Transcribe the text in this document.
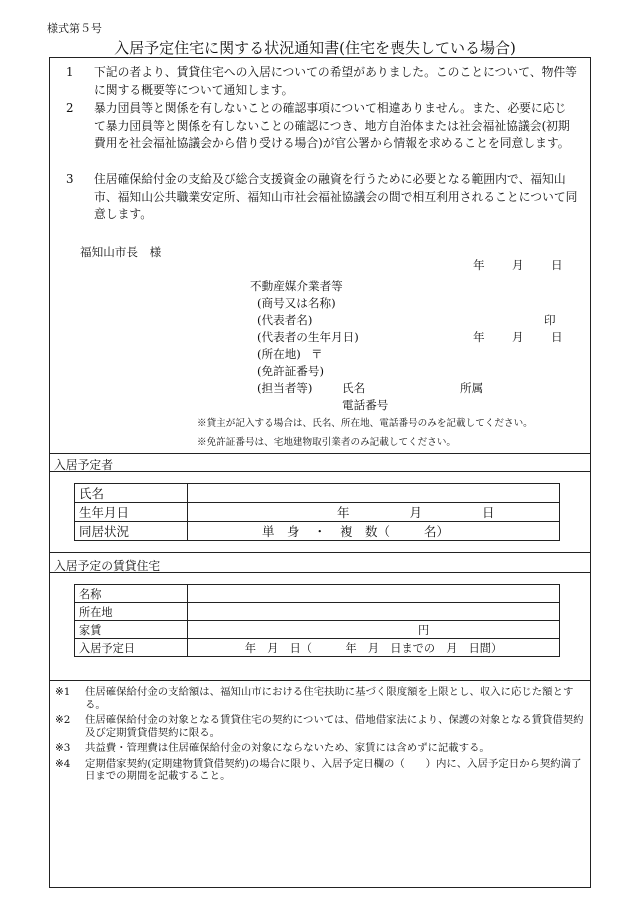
様式第５号
入居予定住宅に関する状況通知書(住宅を喪失している場合)
1	下記の者より、賃貸住宅への入居についての希望がありました。このことについて、物件等に関する概要等について通知します。
2	暴力団員等と関係を有しないことの確認事項について相違ありません。また、必要に応じて暴力団員等と関係を有しないことの確認につき、地方自治体または社会福祉協議会(初期費用を社会福祉協議会から借り受ける場合)が官公署から情報を求めることを同意します。
3	住居確保給付金の支給及び総合支援資金の融資を行うために必要となる範囲内で、福知山市、福知山公共職業安定所、福知山市社会福祉協議会の間で相互利用されることについて同意します。
福知山市長　様
年 月 日
不動産媒介業者等
(商号又は名称)
(代表者名)	印
(代表者の生年月日)	年 月 日
(所在地) 〒
(免許証番号)
(担当者等)	氏名	所属
電話番号
※貸主が記入する場合は、氏名、所在地、電話番号のみを記載してください。
※免許証番号は、宅地建物取引業者のみ記載してください。
入居予定者
氏名	
生年月日	年 月 日
同居状況	単　身 ・ 複　数（ 名）
入居予定の賃貸住宅
名称	
所在地	
家賃	円
入居予定日	年　月　日（　　　年　月　日までの　月　日間）
※1 住居確保給付金の支給額は、福知山市における住宅扶助に基づく限度額を上限とし、収入に応じた額とする。
※2 住居確保給付金の対象となる賃貸住宅の契約については、借地借家法により、保護の対象となる賃貸借契約及び定期賃貸借契約に限る。
※3 共益費・管理費は住居確保給付金の対象にならないため、家賃には含めずに記載する。
※4 定期借家契約(定期建物賃貸借契約)の場合に限り、入居予定日欄の（　　）内に、入居予定日から契約満了日までの期間を記載すること。
